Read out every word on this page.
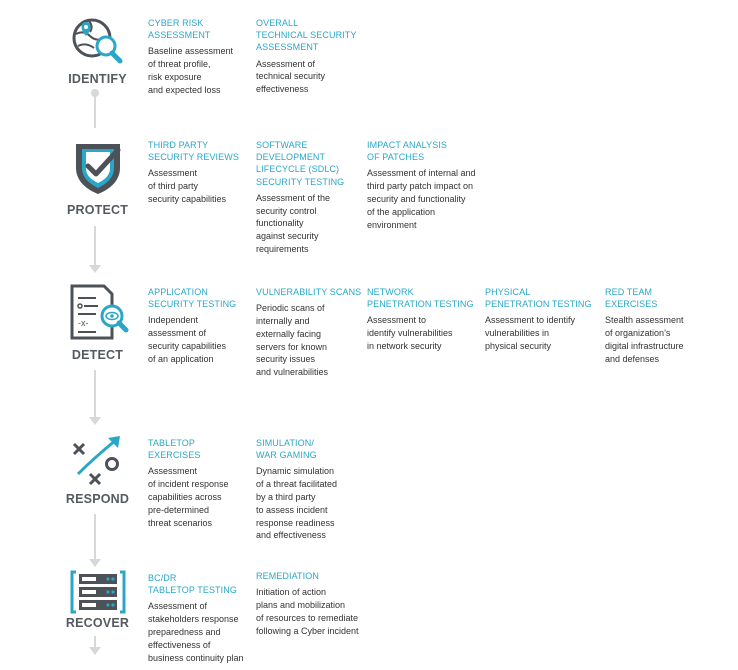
IDENTIFY
PROTECT
-x-
DETECT
RESPOND
RECOVER
CYBER RISK
ASSESSMENT
Baseline assessment
of threat profile,
risk exposure
and expected loss
OVERALL
TECHNICAL SECURITY
ASSESSMENT
Assessment of
technical security
effectiveness
THIRD PARTY
SECURITY REVIEWS
Assessment
of third party
security capabilities
SOFTWARE
DEVELOPMENT
LIFECYCLE (SDLC)
SECURITY TESTING
Assessment of the
security control
functionality
against security
requirements
IMPACT ANALYSIS
OF PATCHES
Assessment of internal and
third party patch impact on
security and functionality
of the application
environment
APPLICATION
SECURITY TESTING
Independent
assessment of
security capabilities
of an application
VULNERABILITY SCANS
Periodic scans of
internally and
externally facing
servers for known
security issues
and vulnerabilities
NETWORK
PENETRATION TESTING
Assessment to
identify vulnerabilities
in network security
PHYSICAL
PENETRATION TESTING
Assessment to identify
vulnerabilities in
physical security
RED TEAM
EXERCISES
Stealth assessment
of organization’s
digital infrastructure
and defenses
TABLETOP
EXERCISES
Assessment
of incident response
capabilities across
pre-determined
threat scenarios
SIMULATION/
WAR GAMING
Dynamic simulation
of a threat facilitated
by a third party
to assess incident
response readiness
and effectiveness
BC/DR
TABLETOP TESTING
Assessment of
stakeholders response
preparedness and
effectiveness of
business continuity plan
REMEDIATION
Initiation of action
plans and mobilization
of resources to remediate
following a Cyber incident
